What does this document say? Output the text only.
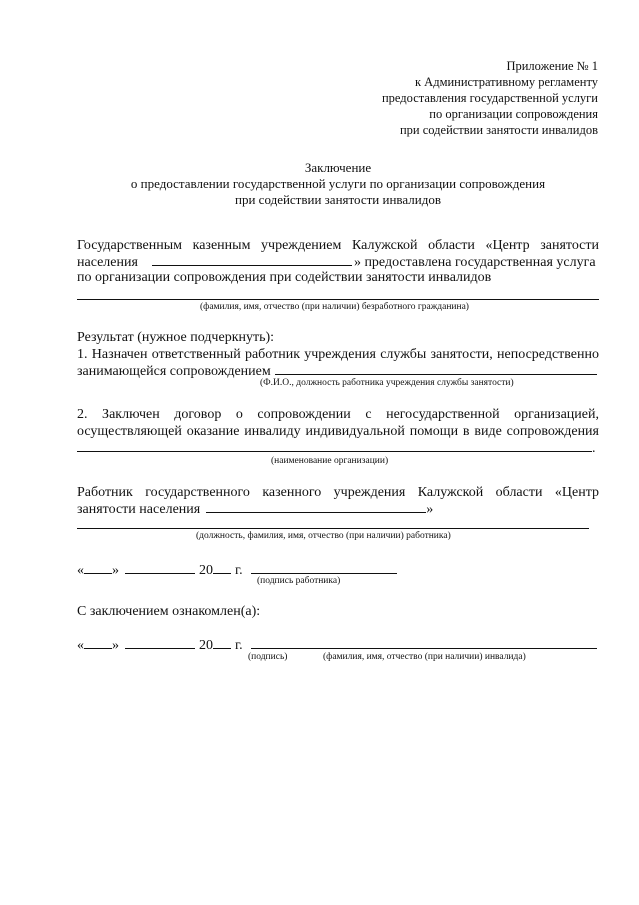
Приложение № 1
к Административному регламенту
предоставления государственной услуги
по организации сопровождения
при содействии занятости инвалидов
Заключение
о предоставлении государственной услуги по организации сопровождения
при содействии занятости инвалидов
Государственным казенным учреждением Калужской области «Центр занятости
населения	» предоставлена государственная услуга
по организации сопровождения при содействии занятости инвалидов
(фамилия, имя, отчество (при наличии) безработного гражданина)
Результат (нужное подчеркнуть):
1. Назначен ответственный работник учреждения службы занятости, непосредственно
занимающейся сопровождением
(Ф.И.О., должность работника учреждения службы занятости)
2. Заключен договор о сопровождении с негосударственной организацией,
осуществляющей оказание инвалиду индивидуальной помощи в виде сопровождения
.
(наименование организации)
Работник государственного казенного учреждения Калужской области «Центр
занятости населения	»
(должность, фамилия, имя, отчество (при наличии) работника)
« »	20 г.
(подпись работника)
С заключением ознакомлен(а):
« »	20 г.
(подпись)	(фамилия, имя, отчество (при наличии) инвалида)
